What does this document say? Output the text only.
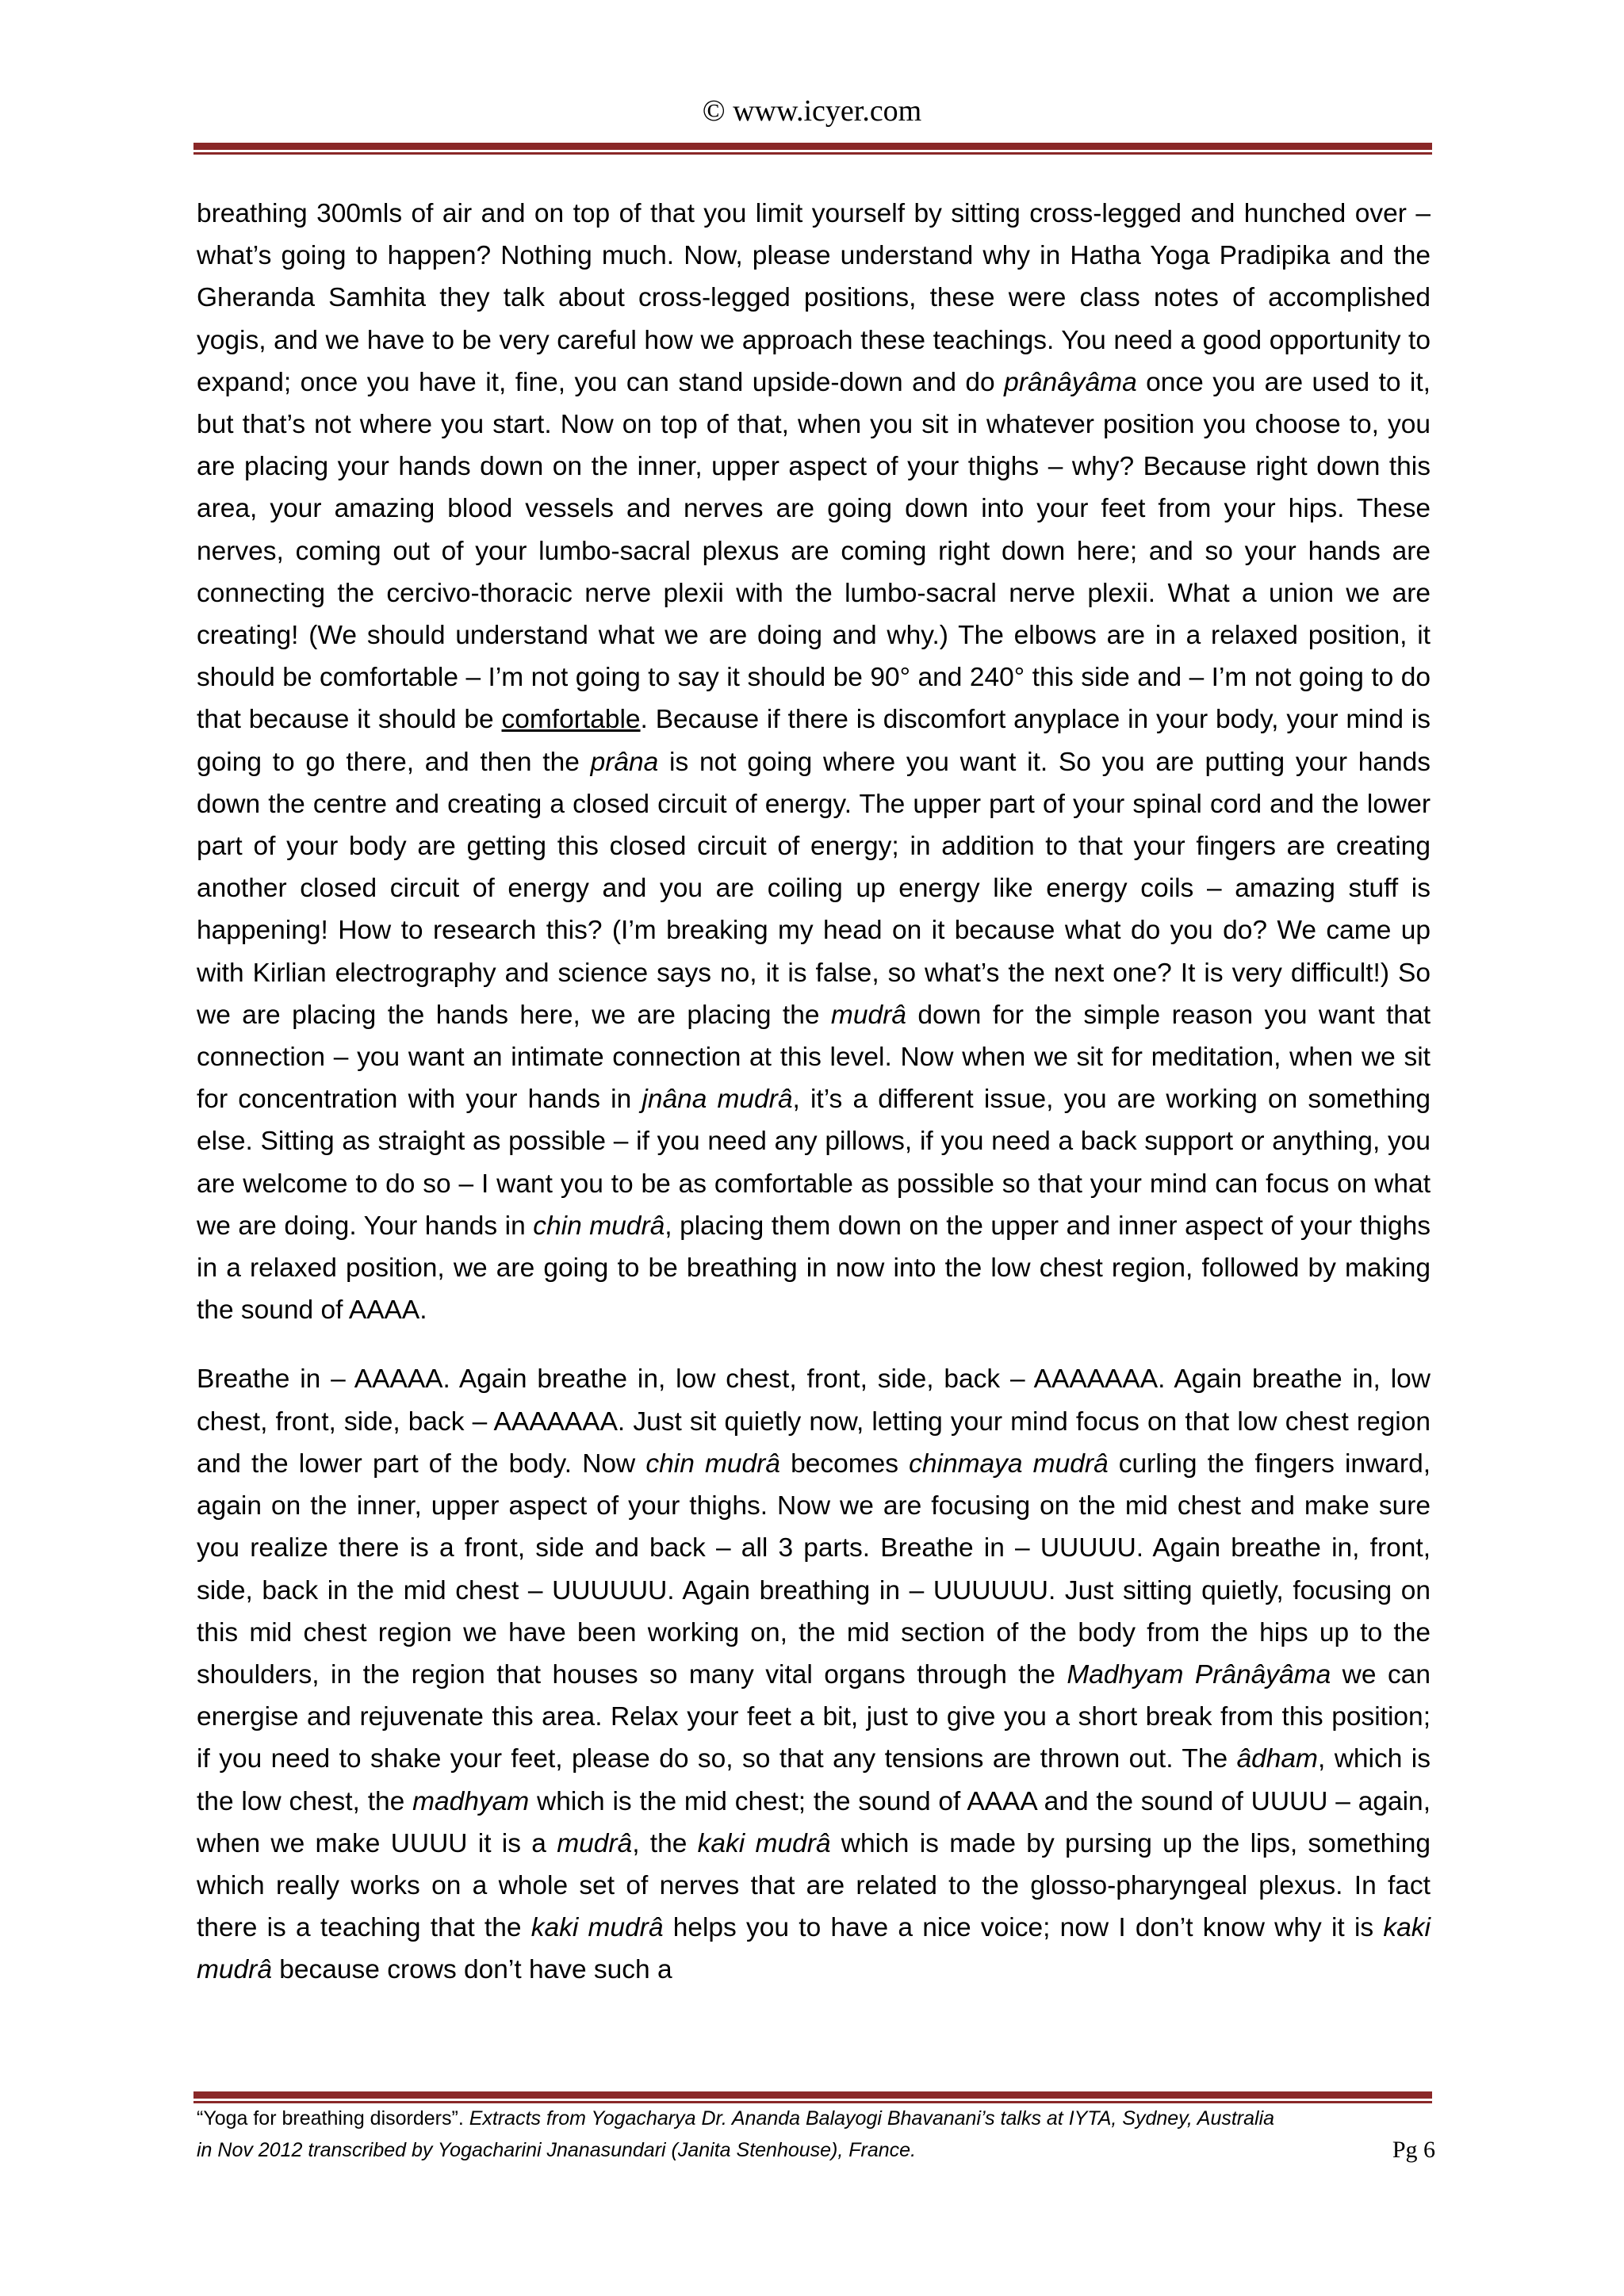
© www.icyer.com

breathing 300mls of air and on top of that you limit yourself by sitting cross-legged and hunched over – what’s going to happen? Nothing much. Now, please understand why in Hatha Yoga Pradipika and the Gheranda Samhita they talk about cross-legged positions, these were class notes of accomplished yogis, and we have to be very careful how we approach these teachings. You need a good opportunity to expand; once you have it, fine, you can stand upside-down and do prânâyâma once you are used to it, but that’s not where you start. Now on top of that, when you sit in whatever position you choose to, you are placing your hands down on the inner, upper aspect of your thighs – why? Because right down this area, your amazing blood vessels and nerves are going down into your feet from your hips. These nerves, coming out of your lumbo-sacral plexus are coming right down here; and so your hands are connecting the cercivo-thoracic nerve plexii with the lumbo-sacral nerve plexii. What a union we are creating! (We should understand what we are doing and why.) The elbows are in a relaxed position, it should be comfortable – I’m not going to say it should be 90° and 240° this side and – I’m not going to do that because it should be comfortable. Because if there is discomfort anyplace in your body, your mind is going to go there, and then the prâna is not going where you want it. So you are putting your hands down the centre and creating a closed circuit of energy. The upper part of your spinal cord and the lower part of your body are getting this closed circuit of energy; in addition to that your fingers are creating another closed circuit of energy and you are coiling up energy like energy coils – amazing stuff is happening! How to research this? (I’m breaking my head on it because what do you do? We came up with Kirlian electrography and science says no, it is false, so what’s the next one? It is very difficult!) So we are placing the hands here, we are placing the mudrâ down for the simple reason you want that connection – you want an intimate connection at this level. Now when we sit for meditation, when we sit for concentration with your hands in jnâna mudrâ, it’s a different issue, you are working on something else. Sitting as straight as possible – if you need any pillows, if you need a back support or anything, you are welcome to do so – I want you to be as comfortable as possible so that your mind can focus on what we are doing. Your hands in chin mudrâ, placing them down on the upper and inner aspect of your thighs in a relaxed position, we are going to be breathing in now into the low chest region, followed by making the sound of AAAA.

Breathe in – AAAAA. Again breathe in, low chest, front, side, back – AAAAAAA. Again breathe in, low chest, front, side, back – AAAAAAA. Just sit quietly now, letting your mind focus on that low chest region and the lower part of the body. Now chin mudrâ becomes chinmaya mudrâ curling the fingers inward, again on the inner, upper aspect of your thighs. Now we are focusing on the mid chest and make sure you realize there is a front, side and back – all 3 parts. Breathe in – UUUUU. Again breathe in, front, side, back in the mid chest – UUUUUU. Again breathing in – UUUUUU. Just sitting quietly, focusing on this mid chest region we have been working on, the mid section of the body from the hips up to the shoulders, in the region that houses so many vital organs through the Madhyam Prânâyâma we can energise and rejuvenate this area. Relax your feet a bit, just to give you a short break from this position; if you need to shake your feet, please do so, so that any tensions are thrown out. The âdham, which is the low chest, the madhyam which is the mid chest; the sound of AAAA and the sound of UUUU – again, when we make UUUU it is a mudrâ, the kaki mudrâ which is made by pursing up the lips, something which really works on a whole set of nerves that are related to the glosso-pharyngeal plexus. In fact there is a teaching that the kaki mudrâ helps you to have a nice voice; now I don’t know why it is kaki mudrâ because crows don’t have such a

“Yoga for breathing disorders”. Extracts from Yogacharya Dr. Ananda Balayogi Bhavanani’s talks at IYTA, Sydney, Australia
in Nov 2012 transcribed by Yogacharini Jnanasundari (Janita Stenhouse), France.	Pg 6
